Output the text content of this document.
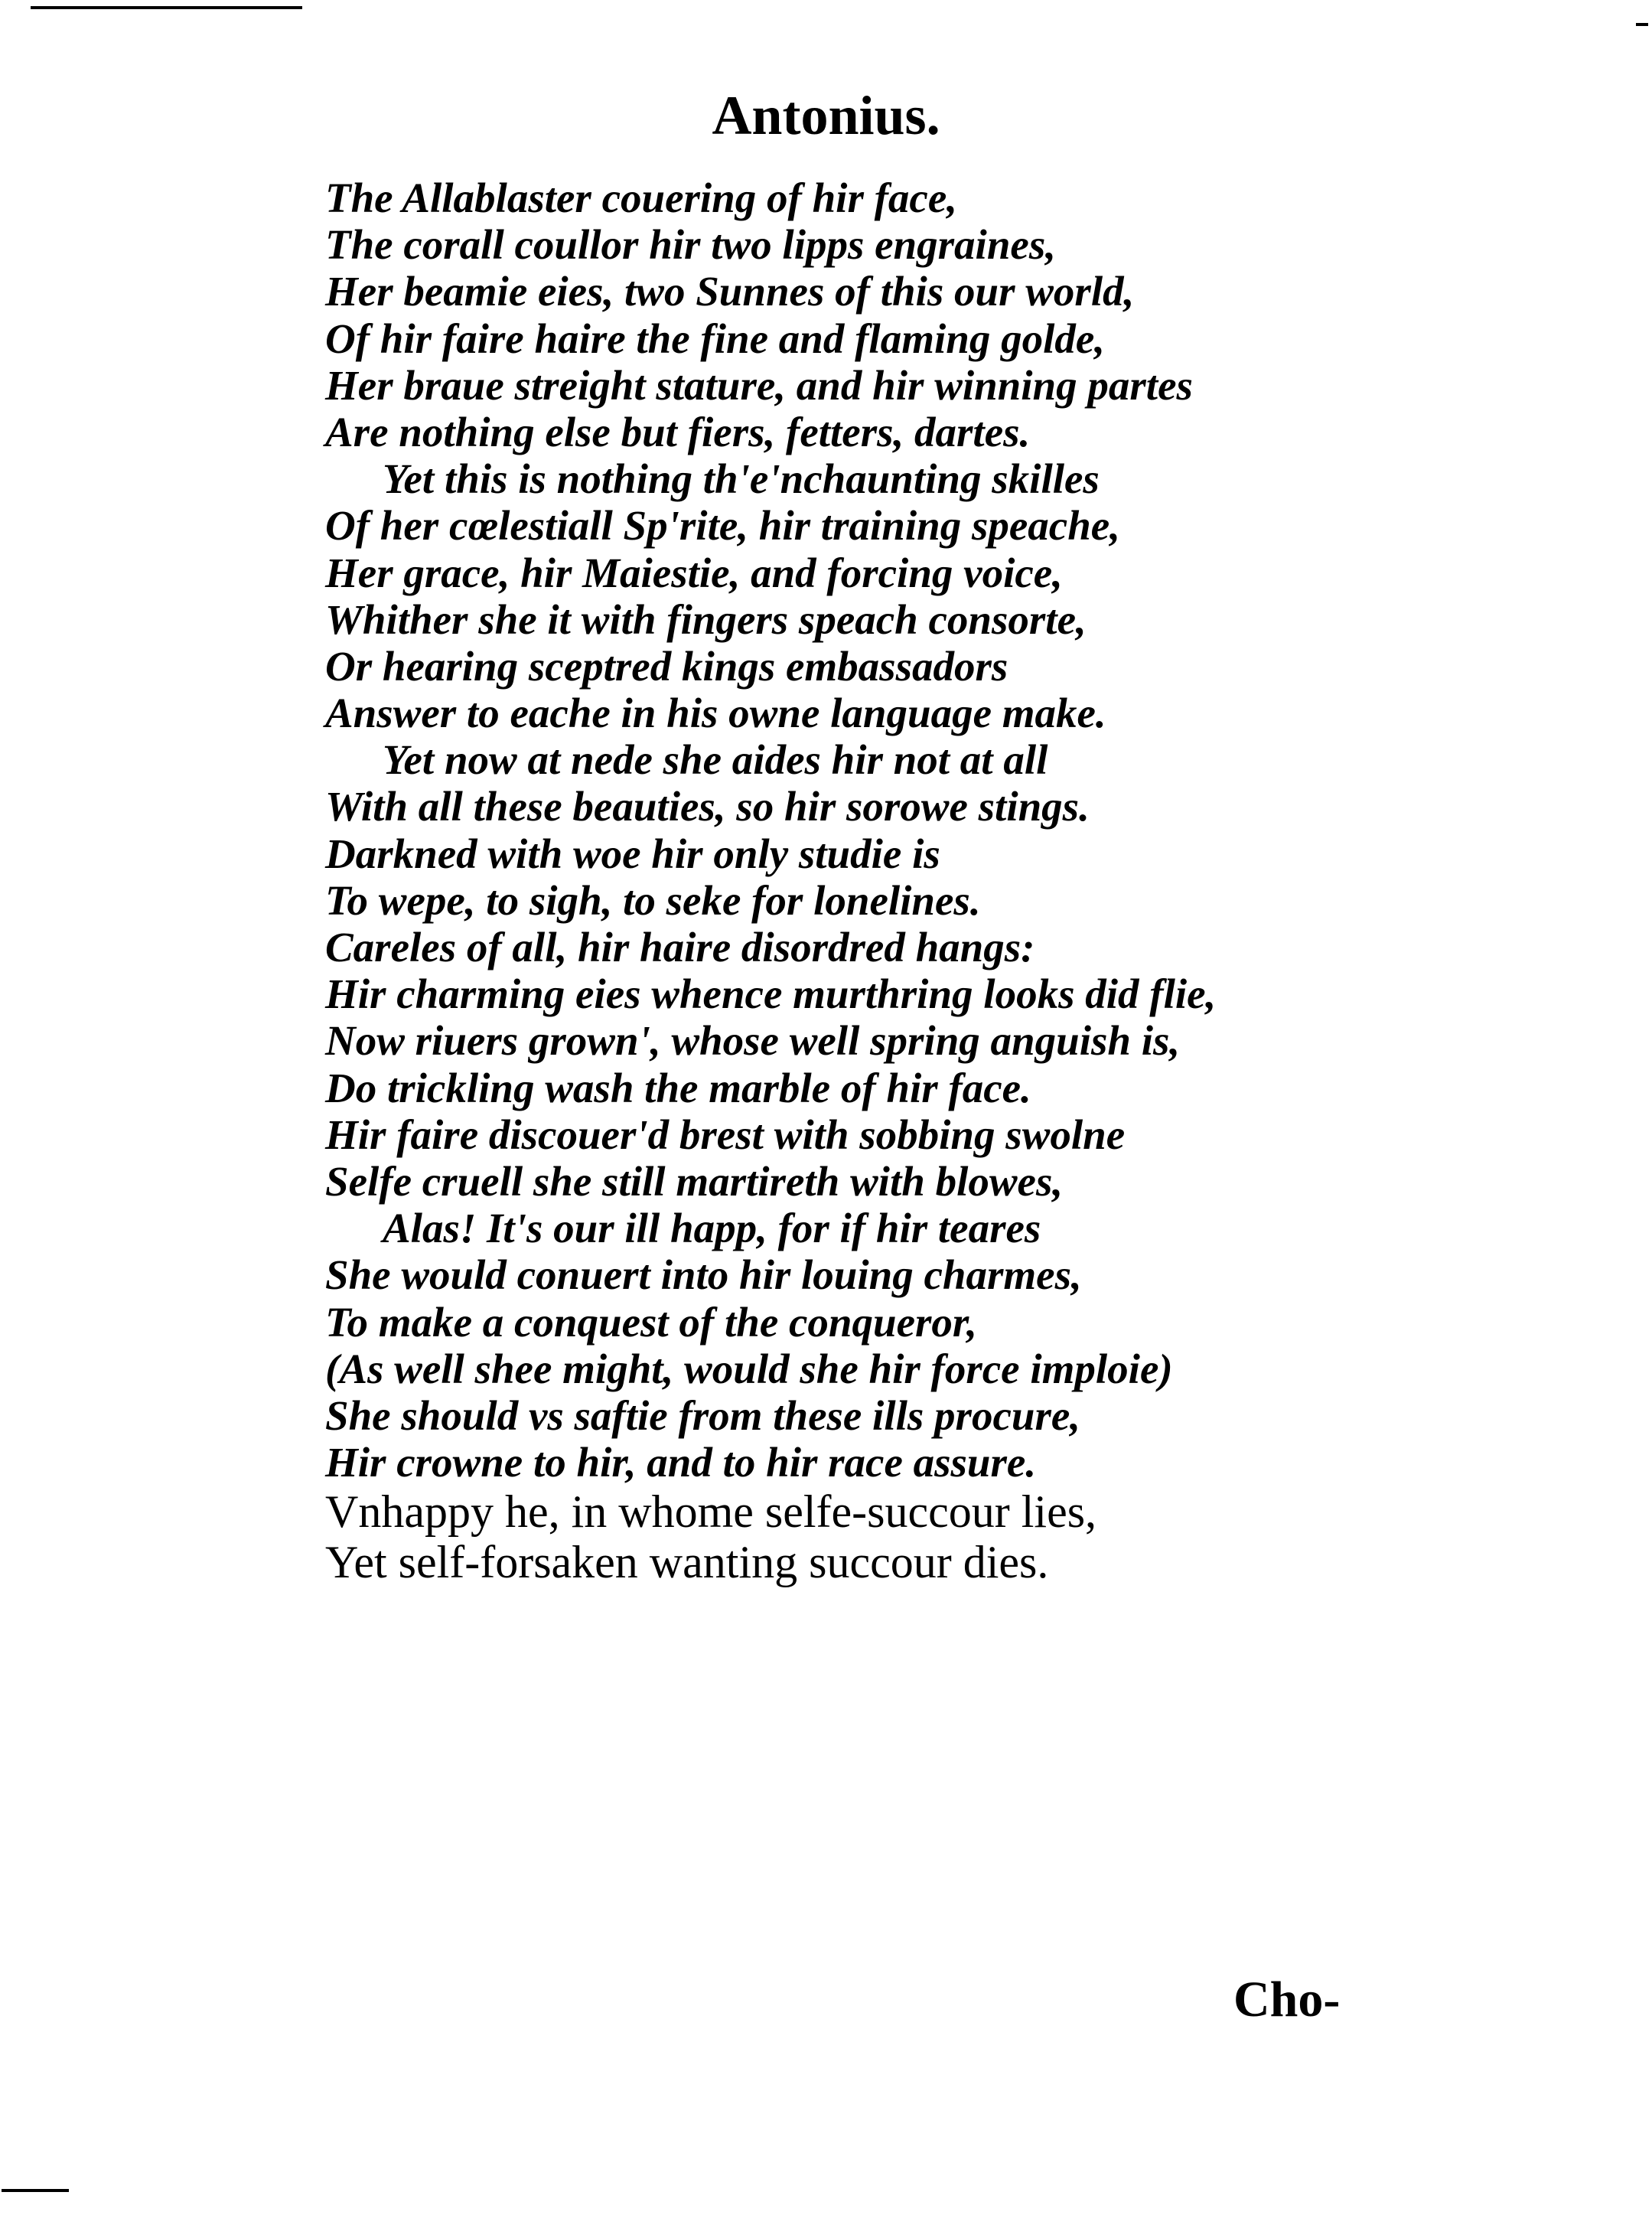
Antonius.
The Allablaster couering of hir face,
The corall coullor hir two lipps engraines,
Her beamie eies, two Sunnes of this our world,
Of hir faire haire the fine and flaming golde,
Her braue streight stature, and hir winning partes
Are nothing else but fiers, fetters, dartes.
Yet this is nothing th'e'nchaunting skilles
Of her cœlestiall Sp'rite, hir training speache,
Her grace, hir Maiestie, and forcing voice,
Whither she it with fingers speach consorte,
Or hearing sceptred kings embassadors
Answer to eache in his owne language make.
Yet now at nede she aides hir not at all
With all these beauties, so hir sorowe stings.
Darkned with woe hir only studie is
To wepe, to sigh, to seke for lonelines.
Careles of all, hir haire disordred hangs:
Hir charming eies whence murthring looks did flie,
Now riuers grown', whose well spring anguish is,
Do trickling wash the marble of hir face.
Hir faire discouer'd brest with sobbing swolne
Selfe cruell she still martireth with blowes,
Alas! It's our ill happ, for if hir teares
She would conuert into hir louing charmes,
To make a conquest of the conqueror,
(As well shee might, would she hir force imploie)
She should vs saftie from these ills procure,
Hir crowne to hir, and to hir race assure.
Vnhappy he, in whome selfe-succour lies,
Yet self-forsaken wanting succour dies.
Cho-
